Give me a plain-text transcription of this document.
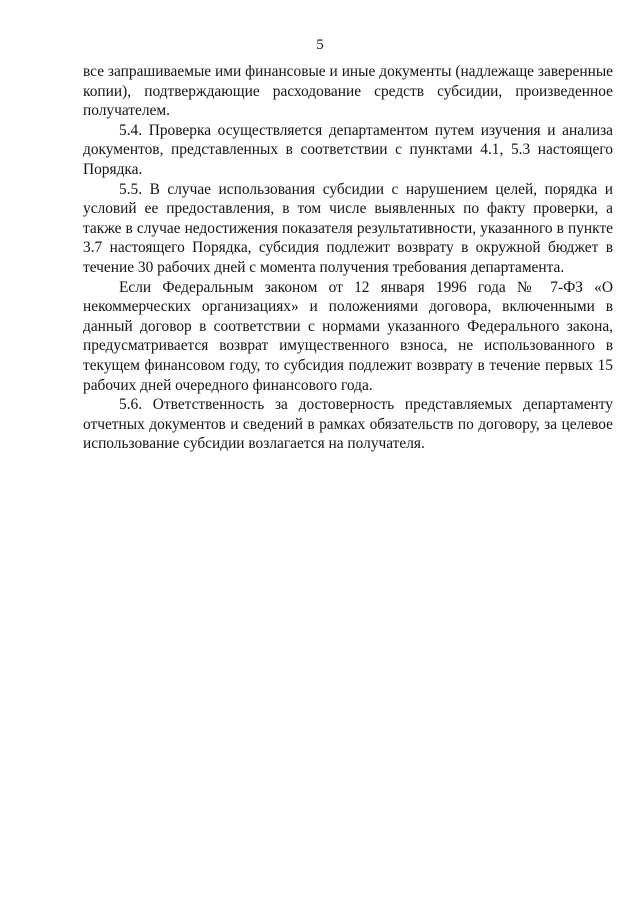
5

все запрашиваемые ими финансовые и иные документы (надлежаще заверенные копии), подтверждающие расходование средств субсидии, произведенное получателем.

5.4. Проверка осуществляется департаментом путем изучения и анализа документов, представленных в соответствии с пунктами 4.1, 5.3 настоящего Порядка.

5.5. В случае использования субсидии с нарушением целей, порядка и условий ее предоставления, в том числе выявленных по факту проверки, а также в случае недостижения показателя результативности, указанного в пункте 3.7 настоящего Порядка, субсидия подлежит возврату в окружной бюджет в течение 30 рабочих дней с момента получения требования департамента.

Если Федеральным законом от 12 января 1996 года № 7-ФЗ «О некоммерческих организациях» и положениями договора, включенными в данный договор в соответствии с нормами указанного Федерального закона, предусматривается возврат имущественного взноса, не использованного в текущем финансовом году, то субсидия подлежит возврату в течение первых 15 рабочих дней очередного финансового года.

5.6. Ответственность за достоверность представляемых департаменту отчетных документов и сведений в рамках обязательств по договору, за целевое использование субсидии возлагается на получателя.
